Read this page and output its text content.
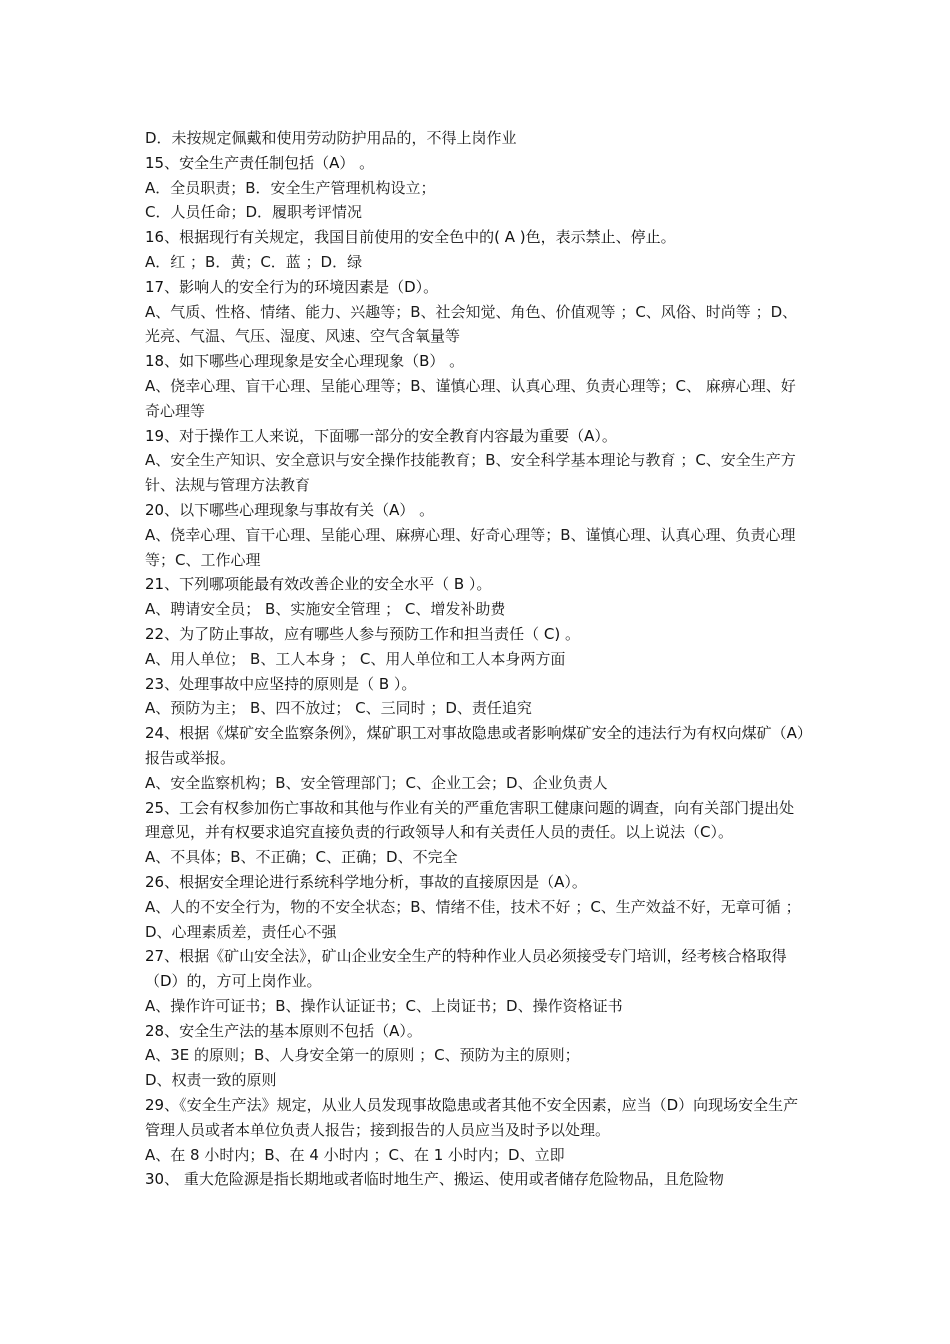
D．未按规定佩戴和使用劳动防护用品的，不得上岗作业

15、安全生产责任制包括（A） 。

A．全员职责；B．安全生产管理机构设立；

C．人员任命；D．履职考评情况

16、根据现行有关规定，我国目前使用的安全色中的( A )色，表示禁止、停止。

A．红 ；B．黄；C．蓝 ；D．绿

17、影响人的安全行为的环境因素是（D）。

A、气质、性格、情绪、能力、兴趣等；B、社会知觉、角色、价值观等 ；C、风俗、时尚等 ；D、光亮、气温、气压、湿度、风速、空气含氧量等

18、如下哪些心理现象是安全心理现象（B） 。

A、侥幸心理、盲干心理、呈能心理等；B、谨慎心理、认真心理、负责心理等；C、 麻痹心理、好奇心理等

19、对于操作工人来说，下面哪一部分的安全教育内容最为重要（A）。

A、安全生产知识、安全意识与安全操作技能教育；B、安全科学基本理论与教育 ；C、安全生产方针、法规与管理方法教育

20、以下哪些心理现象与事故有关（A） 。

A、侥幸心理、盲干心理、呈能心理、麻痹心理、好奇心理等；B、谨慎心理、认真心理、负责心理等；C、工作心理

21、下列哪项能最有效改善企业的安全水平（ B ）。

A、聘请安全员； B、实施安全管理 ； C、增发补助费

22、为了防止事故，应有哪些人参与预防工作和担当责任（ C) 。

A、用人单位； B、工人本身 ； C、用人单位和工人本身两方面

23、处理事故中应坚持的原则是（ B ）。

A、预防为主； B、四不放过； C、三同时 ；D、责任追究

24、根据《煤矿安全监察条例》，煤矿职工对事故隐患或者影响煤矿安全的违法行为有权向煤矿（A）报告或举报。

A、安全监察机构；B、安全管理部门；C、企业工会；D、企业负责人

25、工会有权参加伤亡事故和其他与作业有关的严重危害职工健康问题的调查，向有关部门提出处理意见，并有权要求追究直接负责的行政领导人和有关责任人员的责任。以上说法（C）。

A、不具体；B、不正确；C、正确；D、不完全

26、根据安全理论进行系统科学地分析，事故的直接原因是（A）。

A、人的不安全行为，物的不安全状态；B、情绪不佳，技术不好 ；C、生产效益不好，无章可循 ；D、心理素质差，责任心不强

27、根据《矿山安全法》，矿山企业安全生产的特种作业人员必须接受专门培训，经考核合格取得（D）的，方可上岗作业。

A、操作许可证书；B、操作认证证书；C、上岗证书；D、操作资格证书

28、安全生产法的基本原则不包括（A）。

A、3E 的原则；B、人身安全第一的原则 ；C、预防为主的原则；

D、权责一致的原则

29、《安全生产法》规定，从业人员发现事故隐患或者其他不安全因素，应当（D）向现场安全生产管理人员或者本单位负责人报告；接到报告的人员应当及时予以处理。

A、在 8 小时内；B、在 4 小时内 ；C、在 1 小时内；D、立即

30、 重大危险源是指长期地或者临时地生产、搬运、使用或者储存危险物品，且危险物
